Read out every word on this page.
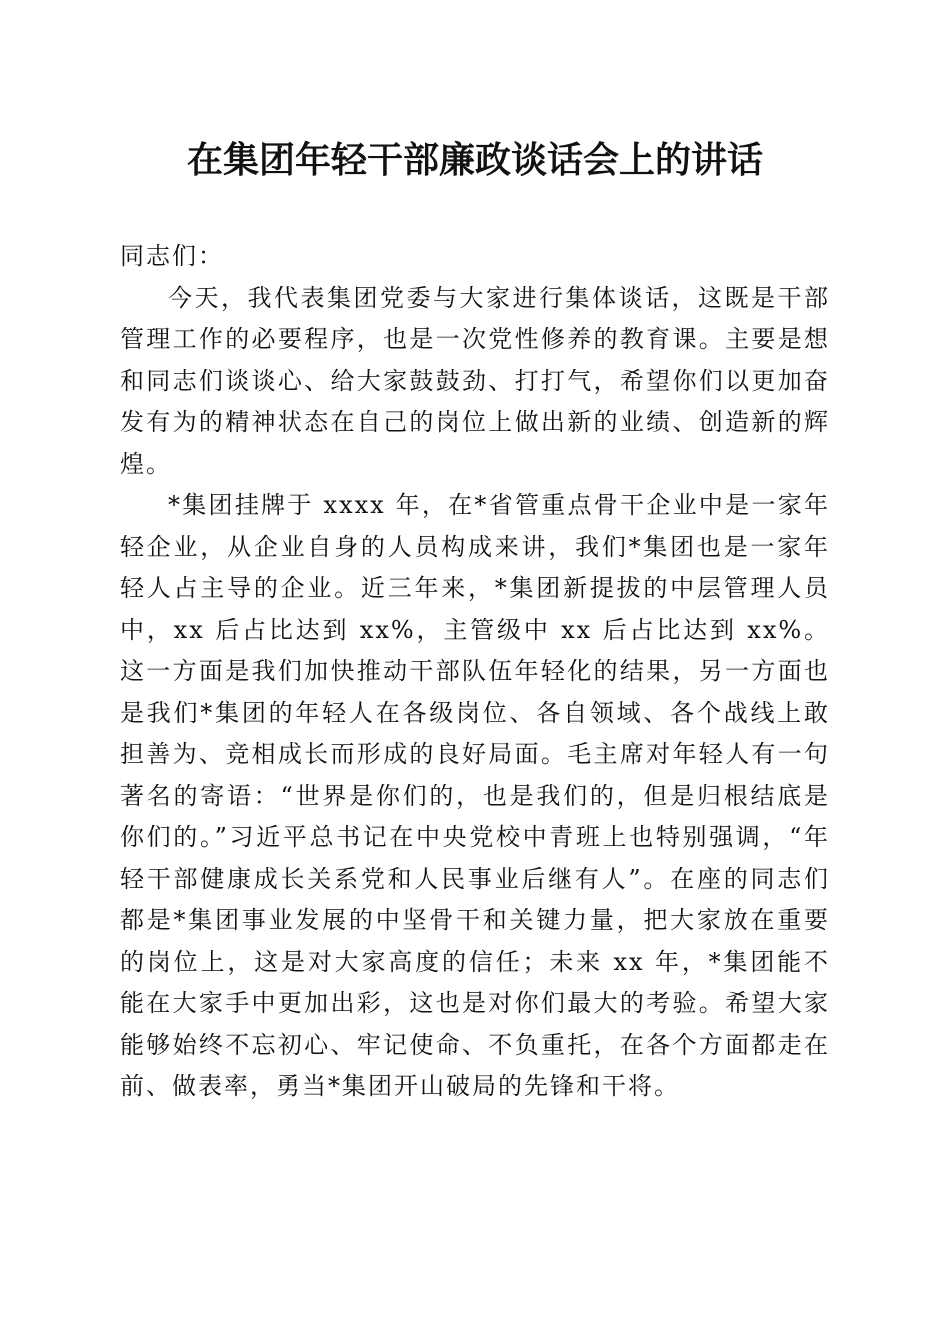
在集团年轻干部廉政谈话会上的讲话

同志们：

今天，我代表集团党委与大家进行集体谈话，这既是干部管理工作的必要程序，也是一次党性修养的教育课。主要是想和同志们谈谈心、给大家鼓鼓劲、打打气，希望你们以更加奋发有为的精神状态在自己的岗位上做出新的业绩、创造新的辉煌。

*集团挂牌于 xxxx 年，在*省管重点骨干企业中是一家年轻企业，从企业自身的人员构成来讲，我们*集团也是一家年轻人占主导的企业。近三年来，*集团新提拔的中层管理人员中，xx 后占比达到 xx%，主管级中 xx 后占比达到 xx%。这一方面是我们加快推动干部队伍年轻化的结果，另一方面也是我们*集团的年轻人在各级岗位、各自领域、各个战线上敢担善为、竞相成长而形成的良好局面。毛主席对年轻人有一句著名的寄语：“世界是你们的，也是我们的，但是归根结底是你们的。”习近平总书记在中央党校中青班上也特别强调，“年轻干部健康成长关系党和人民事业后继有人”。在座的同志们都是*集团事业发展的中坚骨干和关键力量，把大家放在重要的岗位上，这是对大家高度的信任；未来 xx 年，*集团能不能在大家手中更加出彩，这也是对你们最大的考验。希望大家能够始终不忘初心、牢记使命、不负重托，在各个方面都走在前、做表率，勇当*集团开山破局的先锋和干将。
